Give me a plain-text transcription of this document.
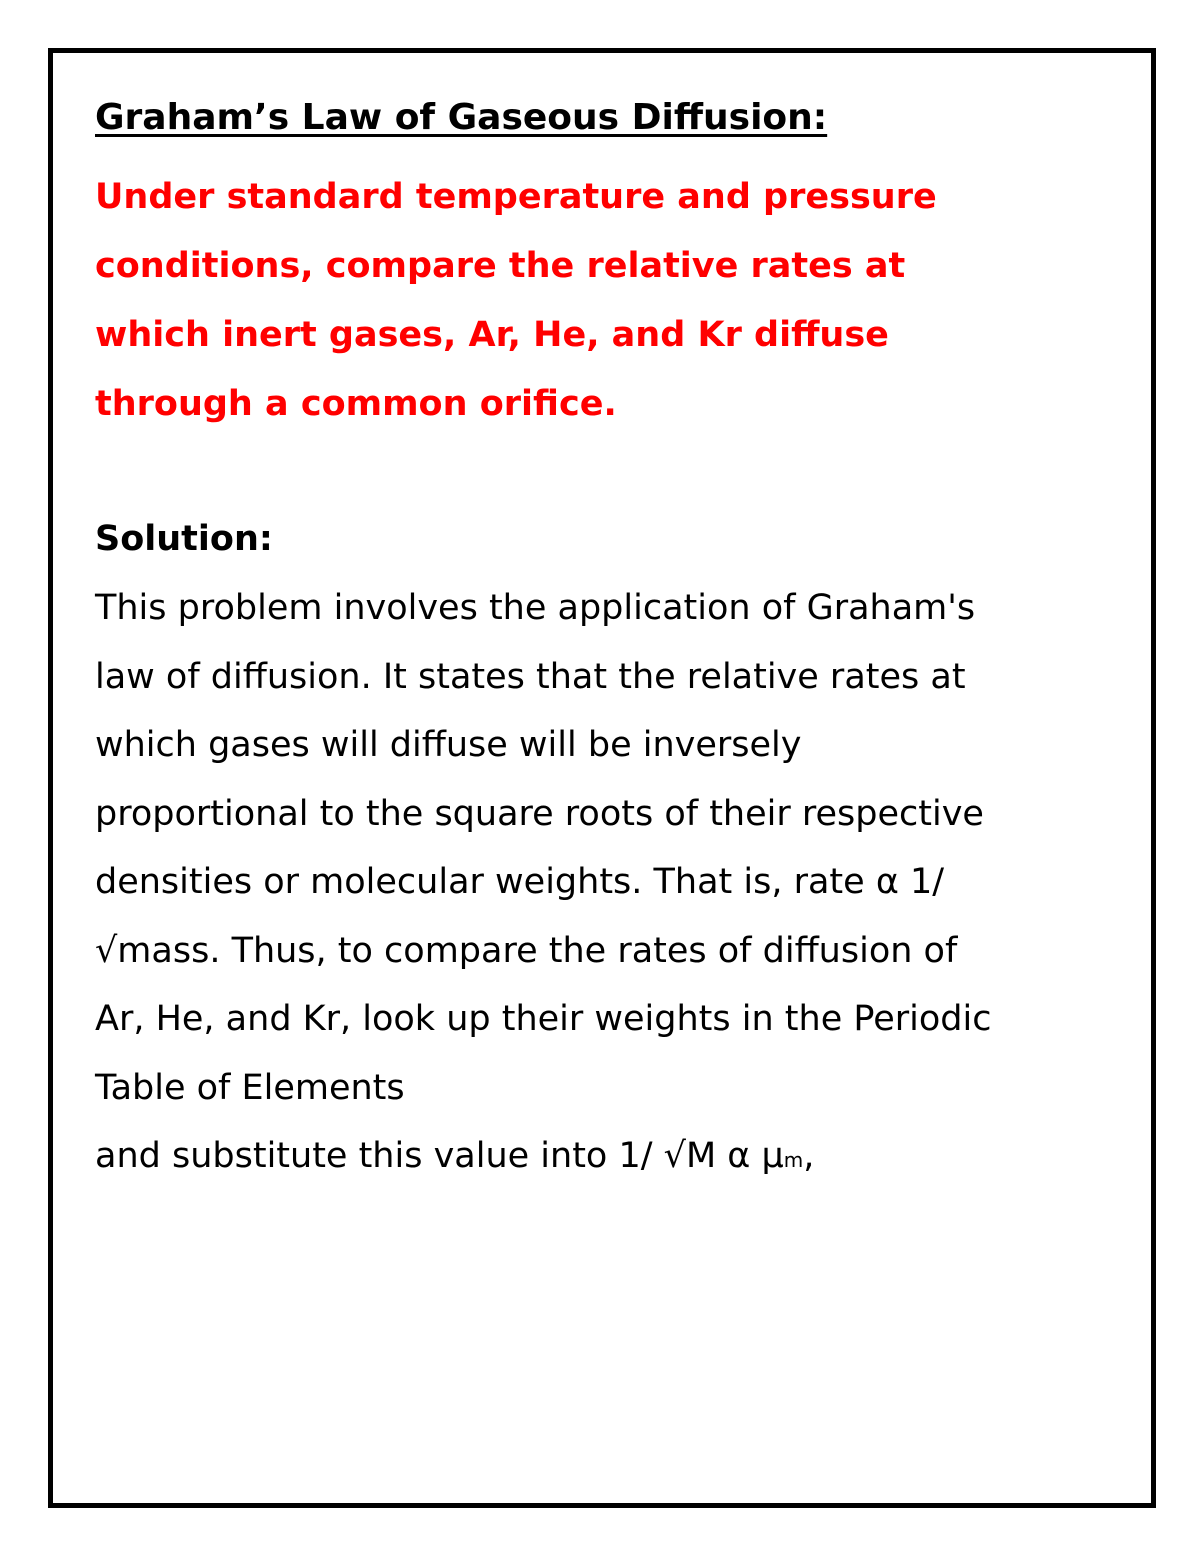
Graham’s Law of Gaseous Diffusion:

Under standard temperature and pressure conditions, compare the relative rates at which inert gases, Ar, He, and Kr diffuse through a common orifice.

Solution:

This problem involves the application of Graham's law of diffusion. It states that the relative rates at which gases will diffuse will be inversely proportional to the square roots of their respective densities or molecular weights. That is, rate α 1/ √mass. Thus, to compare the rates of diffusion of Ar, He, and Kr, look up their weights in the Periodic Table of Elements

and substitute this value into 1/ √M α μm,
